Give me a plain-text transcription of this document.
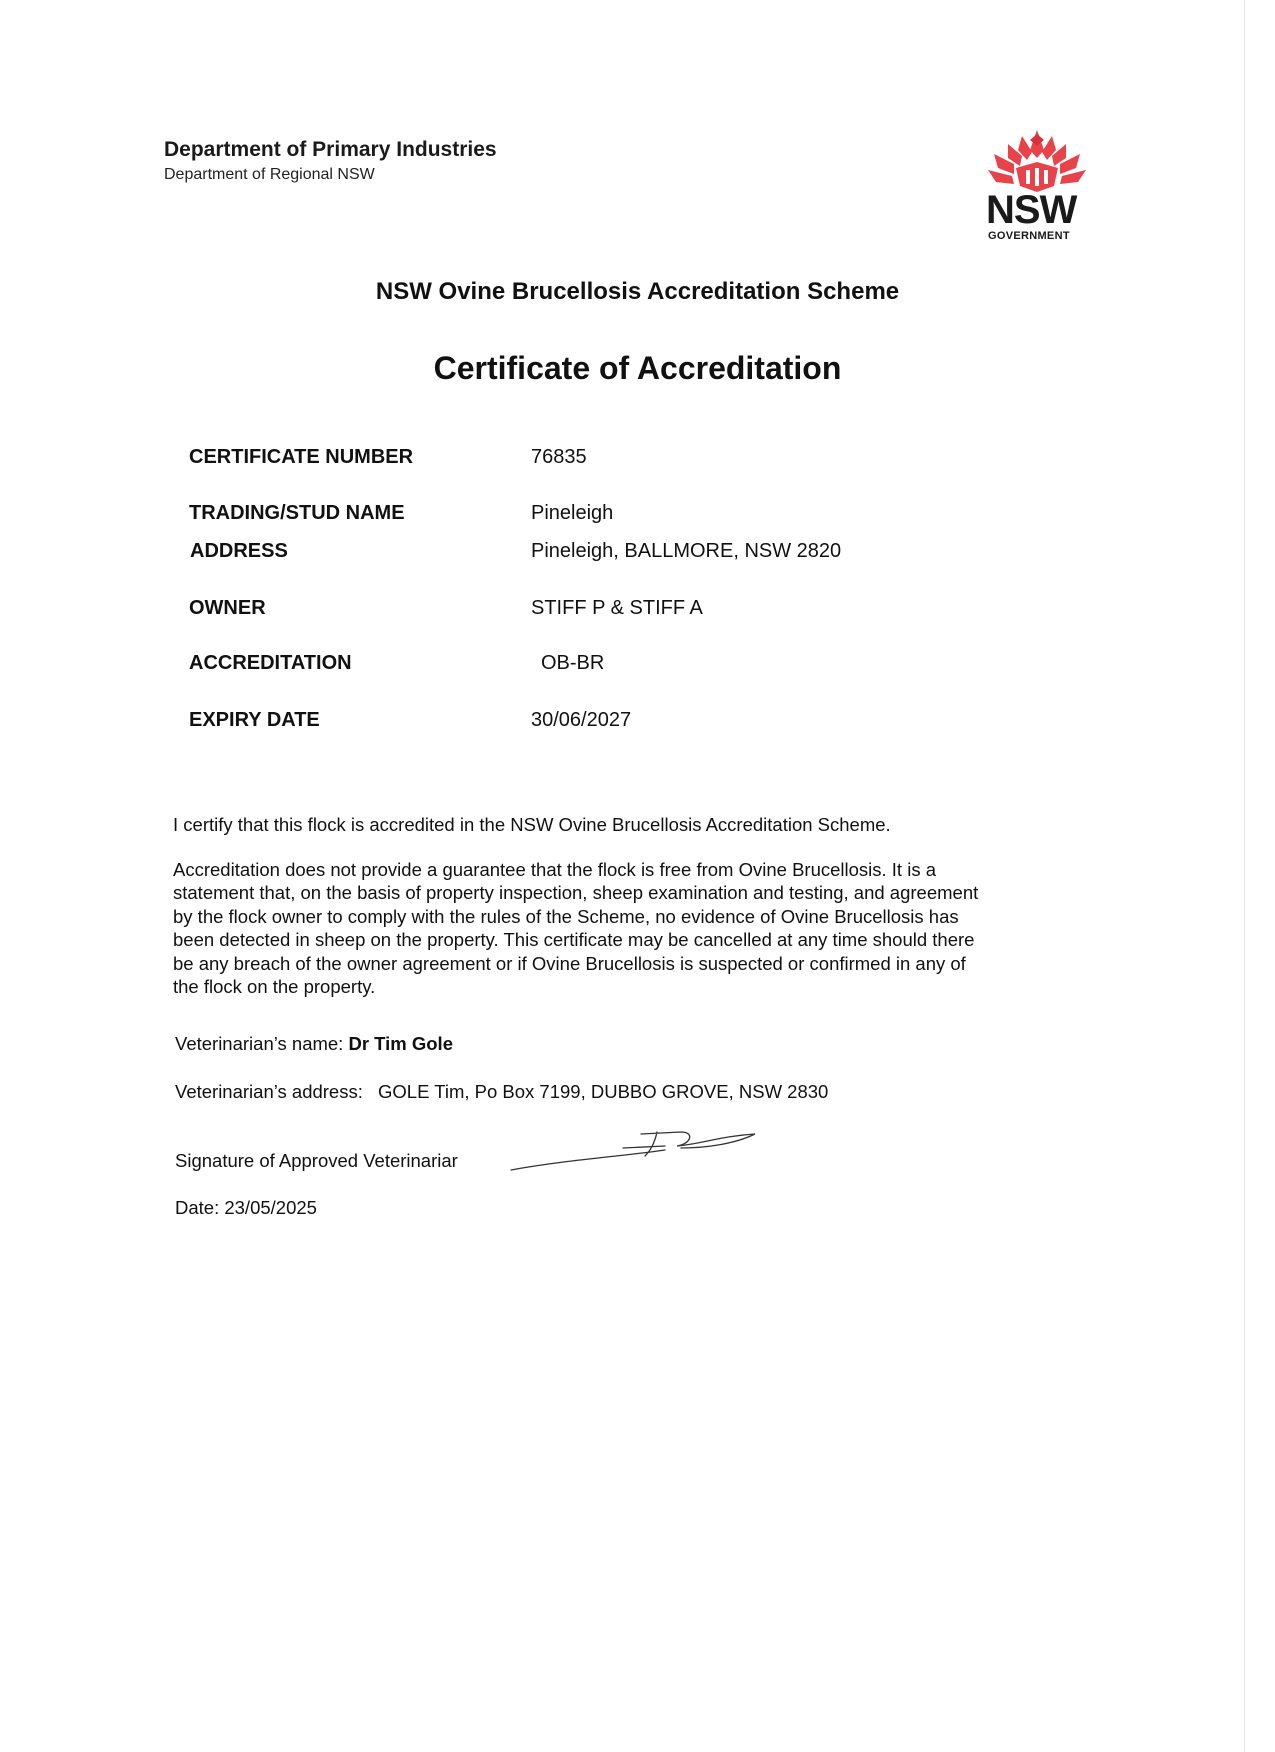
Department of Primary Industries
Department of Regional NSW
NSW
GOVERNMENT
NSW Ovine Brucellosis Accreditation Scheme
Certificate of Accreditation
CERTIFICATE NUMBER	76835
TRADING/STUD NAME	Pineleigh
ADDRESS	Pineleigh, BALLMORE, NSW 2820
OWNER	STIFF P & STIFF A
ACCREDITATION	OB-BR
EXPIRY DATE	30/06/2027
I certify that this flock is accredited in the NSW Ovine Brucellosis Accreditation Scheme.
Accreditation does not provide a guarantee that the flock is free from Ovine Brucellosis. It is a
statement that, on the basis of property inspection, sheep examination and testing, and agreement
by the flock owner to comply with the rules of the Scheme, no evidence of Ovine Brucellosis has
been detected in sheep on the property. This certificate may be cancelled at any time should there
be any breach of the owner agreement or if Ovine Brucellosis is suspected or confirmed in any of
the flock on the property.
Veterinarian’s name: Dr Tim Gole
Veterinarian’s address: GOLE Tim, Po Box 7199, DUBBO GROVE, NSW 2830
Signature of Approved Veterinariar
Date: 23/05/2025
